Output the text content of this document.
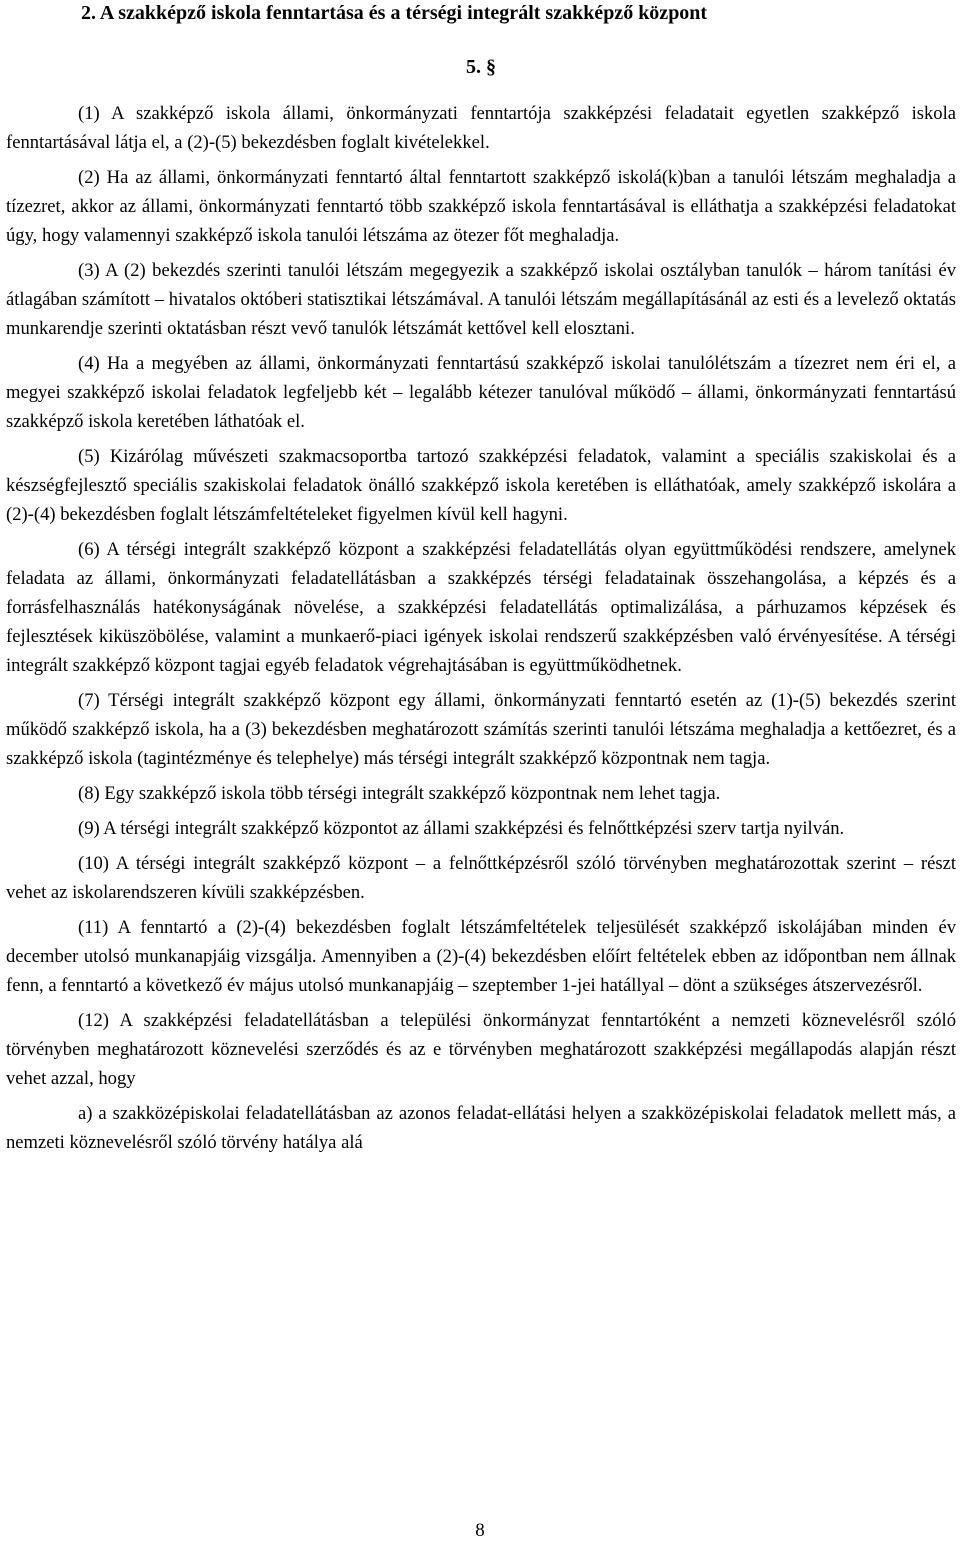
2. A szakképző iskola fenntartása és a térségi integrált szakképző központ
5. §

(1) A szakképző iskola állami, önkormányzati fenntartója szakképzési feladatait egyetlen szakképző iskola fenntartásával látja el, a (2)-(5) bekezdésben foglalt kivételekkel.

(2) Ha az állami, önkormányzati fenntartó által fenntartott szakképző iskolá(k)ban a tanulói létszám meghaladja a tízezret, akkor az állami, önkormányzati fenntartó több szakképző iskola fenntartásával is elláthatja a szakképzési feladatokat úgy, hogy valamennyi szakképző iskola tanulói létszáma az ötezer főt meghaladja.

(3) A (2) bekezdés szerinti tanulói létszám megegyezik a szakképző iskolai osztályban tanulók – három tanítási év átlagában számított – hivatalos októberi statisztikai létszámával. A tanulói létszám megállapításánál az esti és a levelező oktatás munkarendje szerinti oktatásban részt vevő tanulók létszámát kettővel kell elosztani.

(4) Ha a megyében az állami, önkormányzati fenntartású szakképző iskolai tanulólétszám a tízezret nem éri el, a megyei szakképző iskolai feladatok legfeljebb két – legalább kétezer tanulóval működő – állami, önkormányzati fenntartású szakképző iskola keretében láthatóak el.

(5) Kizárólag művészeti szakmacsoportba tartozó szakképzési feladatok, valamint a speciális szakiskolai és a készségfejlesztő speciális szakiskolai feladatok önálló szakképző iskola keretében is elláthatóak, amely szakképző iskolára a (2)-(4) bekezdésben foglalt létszámfeltételeket figyelmen kívül kell hagyni.

(6) A térségi integrált szakképző központ a szakképzési feladatellátás olyan együttműködési rendszere, amelynek feladata az állami, önkormányzati feladatellátásban a szakképzés térségi feladatainak összehangolása, a képzés és a forrásfelhasználás hatékonyságának növelése, a szakképzési feladatellátás optimalizálása, a párhuzamos képzések és fejlesztések kiküszöbölése, valamint a munkaerő-piaci igények iskolai rendszerű szakképzésben való érvényesítése. A térségi integrált szakképző központ tagjai egyéb feladatok végrehajtásában is együttműködhetnek.

(7) Térségi integrált szakképző központ egy állami, önkormányzati fenntartó esetén az (1)-(5) bekezdés szerint működő szakképző iskola, ha a (3) bekezdésben meghatározott számítás szerinti tanulói létszáma meghaladja a kettőezret, és a szakképző iskola (tagintézménye és telephelye) más térségi integrált szakképző központnak nem tagja.

(8) Egy szakképző iskola több térségi integrált szakképző központnak nem lehet tagja.

(9) A térségi integrált szakképző központot az állami szakképzési és felnőttképzési szerv tartja nyilván.

(10) A térségi integrált szakképző központ – a felnőttképzésről szóló törvényben meghatározottak szerint – részt vehet az iskolarendszeren kívüli szakképzésben.

(11) A fenntartó a (2)-(4) bekezdésben foglalt létszámfeltételek teljesülését szakképző iskolájában minden év december utolsó munkanapjáig vizsgálja. Amennyiben a (2)-(4) bekezdésben előírt feltételek ebben az időpontban nem állnak fenn, a fenntartó a következő év május utolsó munkanapjáig – szeptember 1-jei hatállyal – dönt a szükséges átszervezésről.

(12) A szakképzési feladatellátásban a települési önkormányzat fenntartóként a nemzeti köznevelésről szóló törvényben meghatározott köznevelési szerződés és az e törvényben meghatározott szakképzési megállapodás alapján részt vehet azzal, hogy

a) a szakközépiskolai feladatellátásban az azonos feladat-ellátási helyen a szakközépiskolai feladatok mellett más, a nemzeti köznevelésről szóló törvény hatálya alá

8
